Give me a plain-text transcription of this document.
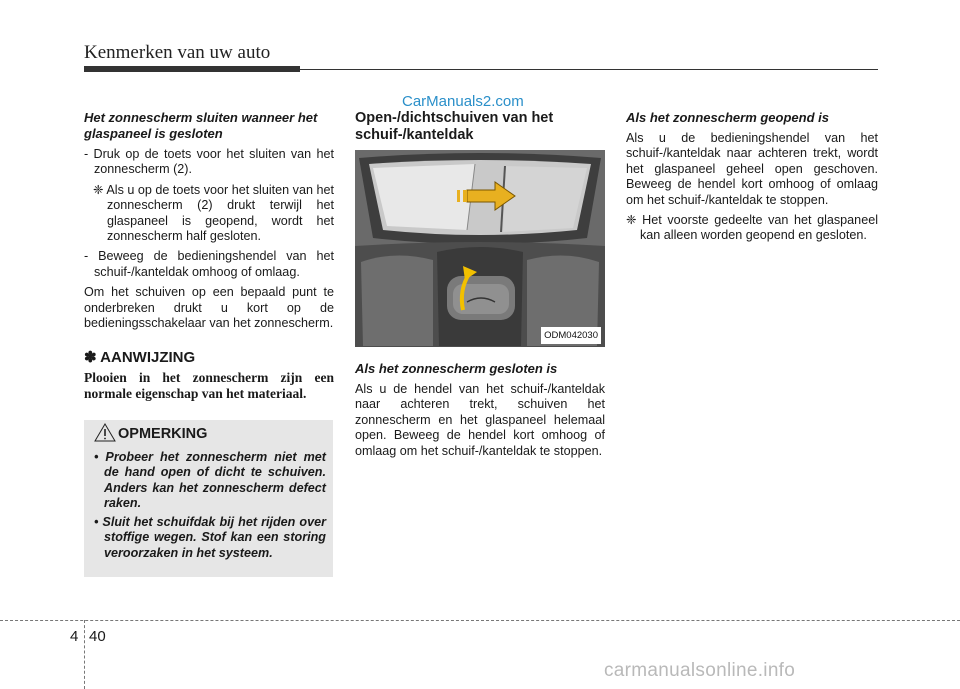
Kenmerken van uw auto
CarManuals2.com
Het zonnescherm sluiten wanneer het glaspaneel is gesloten

- Druk op de toets voor het sluiten van het zonnescherm (2).

❈ Als u op de toets voor het sluiten van het zonnescherm (2) drukt terwijl het glaspaneel is geopend, wordt het zonnescherm half gesloten.

- Beweeg de bedieningshendel van het schuif-/kanteldak omhoog of omlaag.

Om het schuiven op een bepaald punt te onderbreken drukt u kort op de bedieningsschakelaar van het zonnescherm.

✽ AANWIJZING
Plooien in het zonnescherm zijn een normale eigenschap van het materiaal.
OPMERKING
• Probeer het zonnescherm niet met de hand open of dicht te schuiven. Anders kan het zonnescherm defect raken.
• Sluit het schuifdak bij het rijden over stoffige wegen. Stof kan een storing veroorzaken in het systeem.
Open-/dichtschuiven van het schuif-/kanteldak
ODM042030
Als het zonnescherm gesloten is

Als u de hendel van het schuif-/kanteldak naar achteren trekt, schuiven het zonnescherm en het glaspaneel helemaal open. Beweeg de hendel kort omhoog of omlaag om het schuif-/kanteldak te stoppen.

Als het zonnescherm geopend is

Als u de bedieningshendel van het schuif-/kanteldak naar achteren trekt, wordt het glaspaneel geheel open geschoven. Beweeg de hendel kort omhoog of omlaag om het schuif-/kanteldak te stoppen.

❈ Het voorste gedeelte van het glaspaneel kan alleen worden geopend en gesloten.

4 40
carmanualsonline.info
